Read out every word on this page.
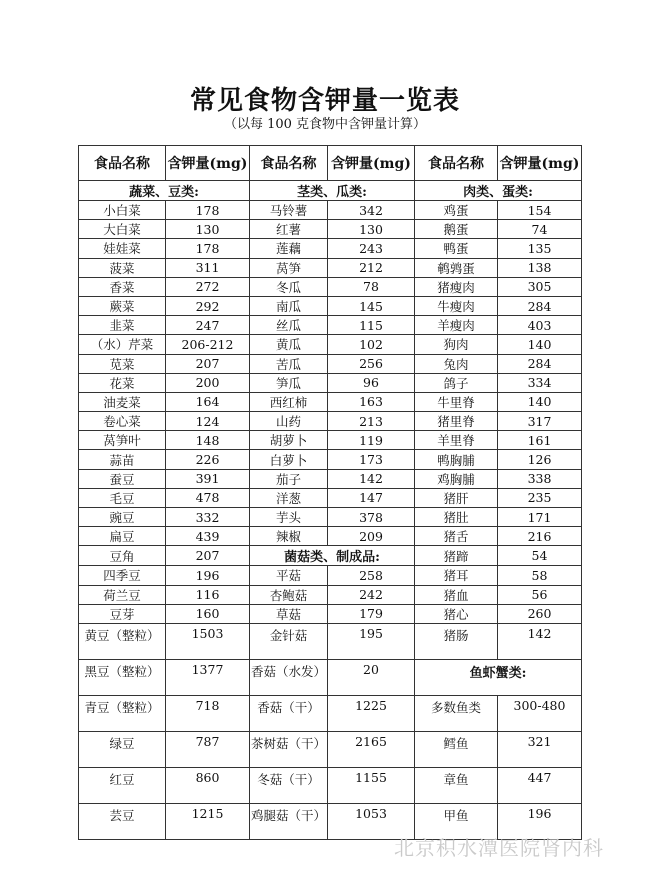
常见食物含钾量一览表
（以每 100 克食物中含钾量计算）
食品名称	含钾量(mg)	食品名称	含钾量(mg)	食品名称	含钾量(mg)
蔬菜、豆类:		茎类、瓜类:		肉类、蛋类:	
小白菜	178	马铃薯	342	鸡蛋	154
大白菜	130	红薯	130	鹅蛋	74
娃娃菜	178	莲藕	243	鸭蛋	135
菠菜	311	莴笋	212	鹌鹑蛋	138
香菜	272	冬瓜	78	猪瘦肉	305
蕨菜	292	南瓜	145	牛瘦肉	284
韭菜	247	丝瓜	115	羊瘦肉	403
（水）芹菜	206-212	黄瓜	102	狗肉	140
苋菜	207	苦瓜	256	兔肉	284
花菜	200	笋瓜	96	鸽子	334
油麦菜	164	西红柿	163	牛里脊	140
卷心菜	124	山药	213	猪里脊	317
莴笋叶	148	胡萝卜	119	羊里脊	161
蒜苗	226	白萝卜	173	鸭胸脯	126
蚕豆	391	茄子	142	鸡胸脯	338
毛豆	478	洋葱	147	猪肝	235
豌豆	332	芋头	378	猪肚	171
扁豆	439	辣椒	209	猪舌	216
豆角	207	菌菇类、制成品:		猪蹄	54
四季豆	196	平菇	258	猪耳	58
荷兰豆	116	杏鲍菇	242	猪血	56
豆芽	160	草菇	179	猪心	260
黄豆（整粒）	1503	金针菇	195	猪肠	142
黑豆（整粒）	1377	香菇（水发）	20	鱼虾蟹类:	
青豆（整粒）	718	香菇（干）	1225	多数鱼类	300-480
绿豆	787	茶树菇（干）	2165	鳕鱼	321
红豆	860	冬菇（干）	1155	章鱼	447
芸豆	1215	鸡腿菇（干）	1053	甲鱼	196
北京积水潭医院肾内科
